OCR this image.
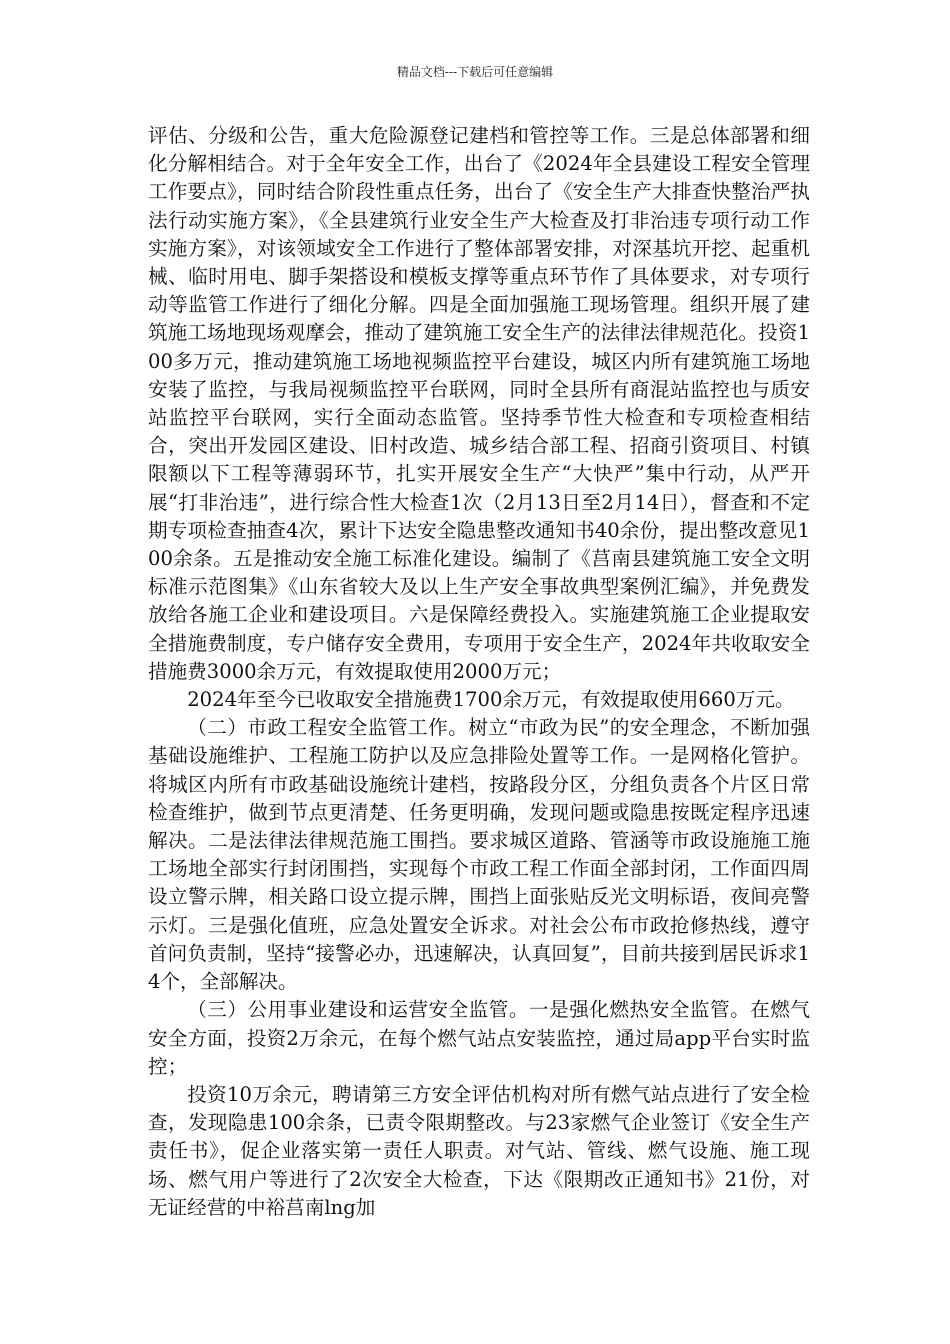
精品文档---下载后可任意编辑

评估、分级和公告，重大危险源登记建档和管控等工作。三是总体部署和细化分解相结合。对于全年安全工作，出台了《2024年全县建设工程安全管理工作要点》，同时结合阶段性重点任务，出台了《安全生产大排查快整治严执法行动实施方案》，《全县建筑行业安全生产大检查及打非治违专项行动工作实施方案》，对该领域安全工作进行了整体部署安排，对深基坑开挖、起重机械、临时用电、脚手架搭设和模板支撑等重点环节作了具体要求，对专项行动等监管工作进行了细化分解。四是全面加强施工现场管理。组织开展了建筑施工场地现场观摩会，推动了建筑施工安全生产的法律法律规范化。投资100多万元，推动建筑施工场地视频监控平台建设，城区内所有建筑施工场地安装了监控，与我局视频监控平台联网，同时全县所有商混站监控也与质安站监控平台联网，实行全面动态监管。坚持季节性大检查和专项检查相结合，突出开发园区建设、旧村改造、城乡结合部工程、招商引资项目、村镇限额以下工程等薄弱环节，扎实开展安全生产“大快严”集中行动，从严开展“打非治违”，进行综合性大检查1次（2月13日至2月14日），督查和不定期专项检查抽查4次，累计下达安全隐患整改通知书40余份，提出整改意见100余条。五是推动安全施工标准化建设。编制了《莒南县建筑施工安全文明标准示范图集》《山东省较大及以上生产安全事故典型案例汇编》，并免费发放给各施工企业和建设项目。六是保障经费投入。实施建筑施工企业提取安全措施费制度，专户储存安全费用，专项用于安全生产，2024年共收取安全措施费3000余万元，有效提取使用2000万元；

2024年至今已收取安全措施费1700余万元，有效提取使用660万元。

（二）市政工程安全监管工作。树立“市政为民”的安全理念，不断加强基础设施维护、工程施工防护以及应急排险处置等工作。一是网格化管护。将城区内所有市政基础设施统计建档，按路段分区，分组负责各个片区日常检查维护，做到节点更清楚、任务更明确，发现问题或隐患按既定程序迅速解决。二是法律法律规范施工围挡。要求城区道路、管涵等市政设施施工施工场地全部实行封闭围挡，实现每个市政工程工作面全部封闭，工作面四周设立警示牌，相关路口设立提示牌，围挡上面张贴反光文明标语，夜间亮警示灯。三是强化值班，应急处置安全诉求。对社会公布市政抢修热线，遵守首问负责制，坚持“接警必办，迅速解决，认真回复”，目前共接到居民诉求14个，全部解决。

（三）公用事业建设和运营安全监管。一是强化燃热安全监管。在燃气安全方面，投资2万余元，在每个燃气站点安装监控，通过局app平台实时监控；

投资10万余元，聘请第三方安全评估机构对所有燃气站点进行了安全检查，发现隐患100余条，已责令限期整改。与23家燃气企业签订《安全生产责任书》，促企业落实第一责任人职责。对气站、管线、燃气设施、施工现场、燃气用户等进行了2次安全大检查，下达《限期改正通知书》21份，对无证经营的中裕莒南lng加
